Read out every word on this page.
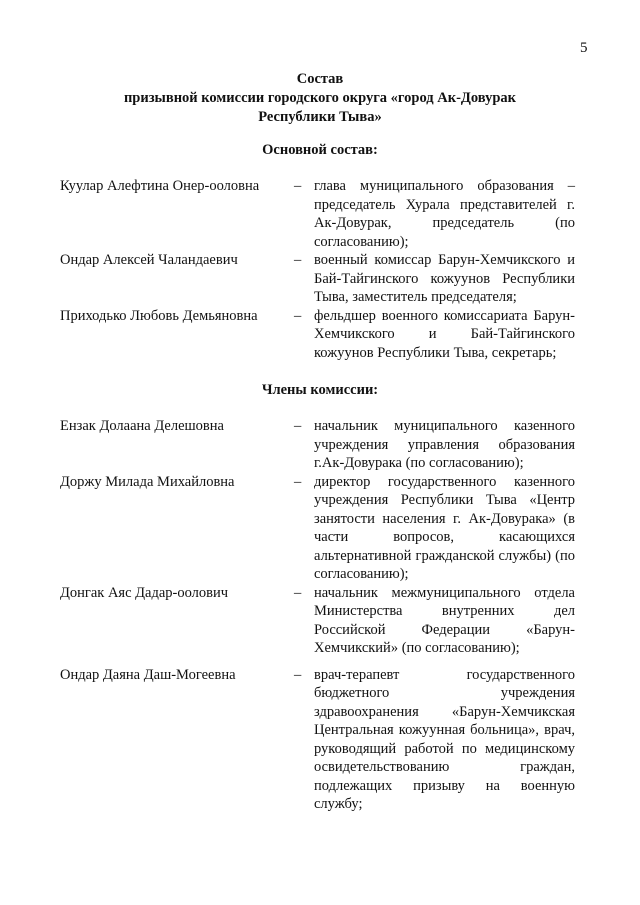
5
Состав
призывной комиссии городского округа «город Ак-Довурак
Республики Тыва»
Основной состав:
Куулар Алефтина Онер-ооловна	– глава муниципального образования – председатель Хурала представителей г. Ак-Довурак, председатель (по согласованию);
Ондар Алексей Чаландаевич	– военный комиссар Барун-Хемчикского и Бай-Тайгинского кожуунов Республики Тыва, заместитель председателя;
Приходько Любовь Демьяновна	– фельдшер военного комиссариата Барун-Хемчикского и Бай-Тайгинского кожуунов Республики Тыва, секретарь;
Члены комиссии:
Ензак Долаана Делешовна	– начальник муниципального казенного учреждения управления образования г.Ак-Довурака (по согласованию);
Доржу Милада Михайловна	– директор государственного казенного учреждения Республики Тыва «Центр занятости населения г. Ак-Довурака» (в части вопросов, касающихся альтернативной гражданской службы) (по согласованию);
Донгак Аяс Дадар-оолович	– начальник межмуниципального отдела Министерства внутренних дел Российской Федерации «Барун-Хемчикский» (по согласованию);
Ондар Даяна Даш-Могеевна	– врач-терапевт государственного бюджетного учреждения здравоохранения «Барун-Хемчикская Центральная кожуунная больница», врач, руководящий работой по медицинскому освидетельствованию граждан, подлежащих призыву на военную службу;
